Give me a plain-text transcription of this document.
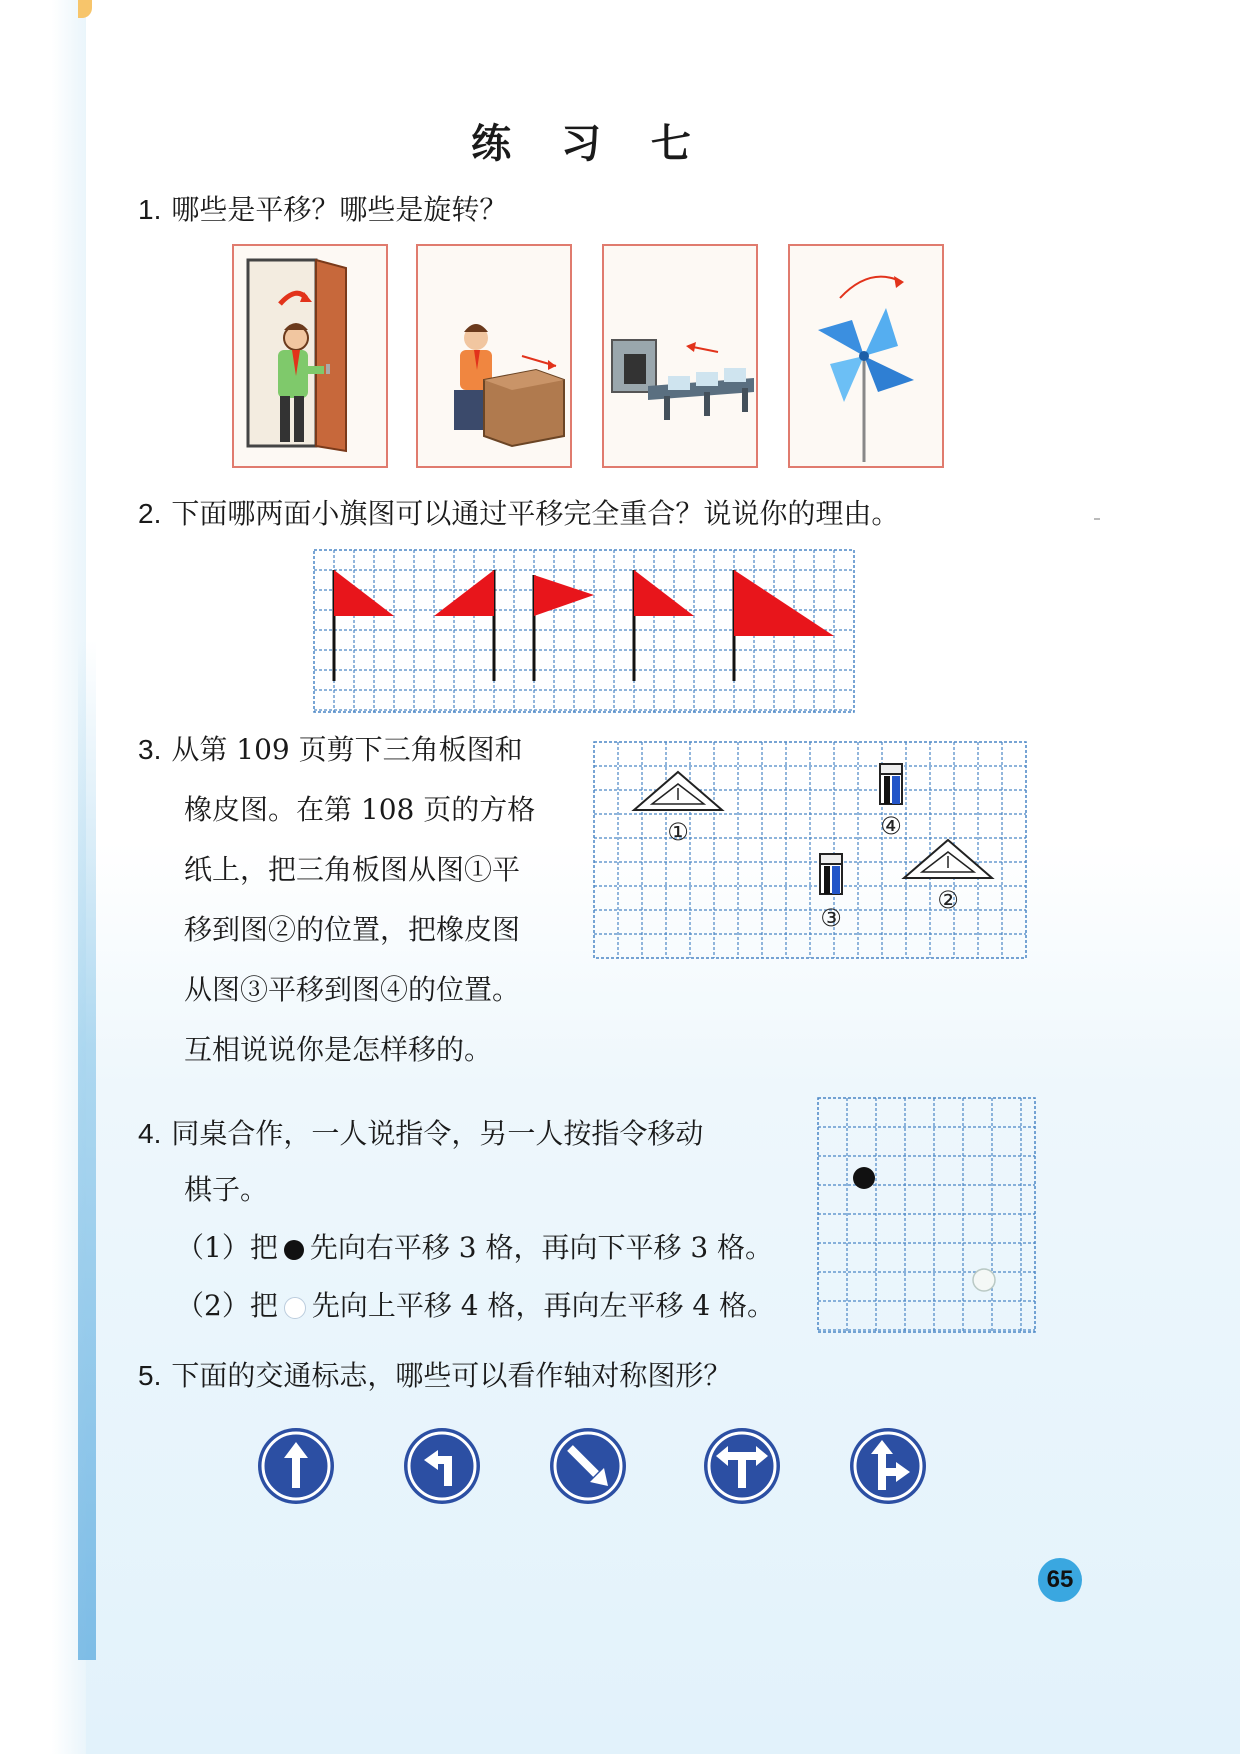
练 习 七
1. 哪些是平移？哪些是旋转？
2. 下面哪两面小旗图可以通过平移完全重合？说说你的理由。
3. 从第 109 页剪下三角板图和
橡皮图。在第 108 页的方格
纸上，把三角板图从图①平
移到图②的位置，把橡皮图
从图③平移到图④的位置。
互相说说你是怎样移的。
①	④
③
②
4. 同桌合作，一人说指令，另一人按指令移动
棋子。
（1）把 先向右平移 3 格，再向下平移 3 格。
（2）把 先向上平移 4 格，再向左平移 4 格。
5. 下面的交通标志，哪些可以看作轴对称图形？
65
